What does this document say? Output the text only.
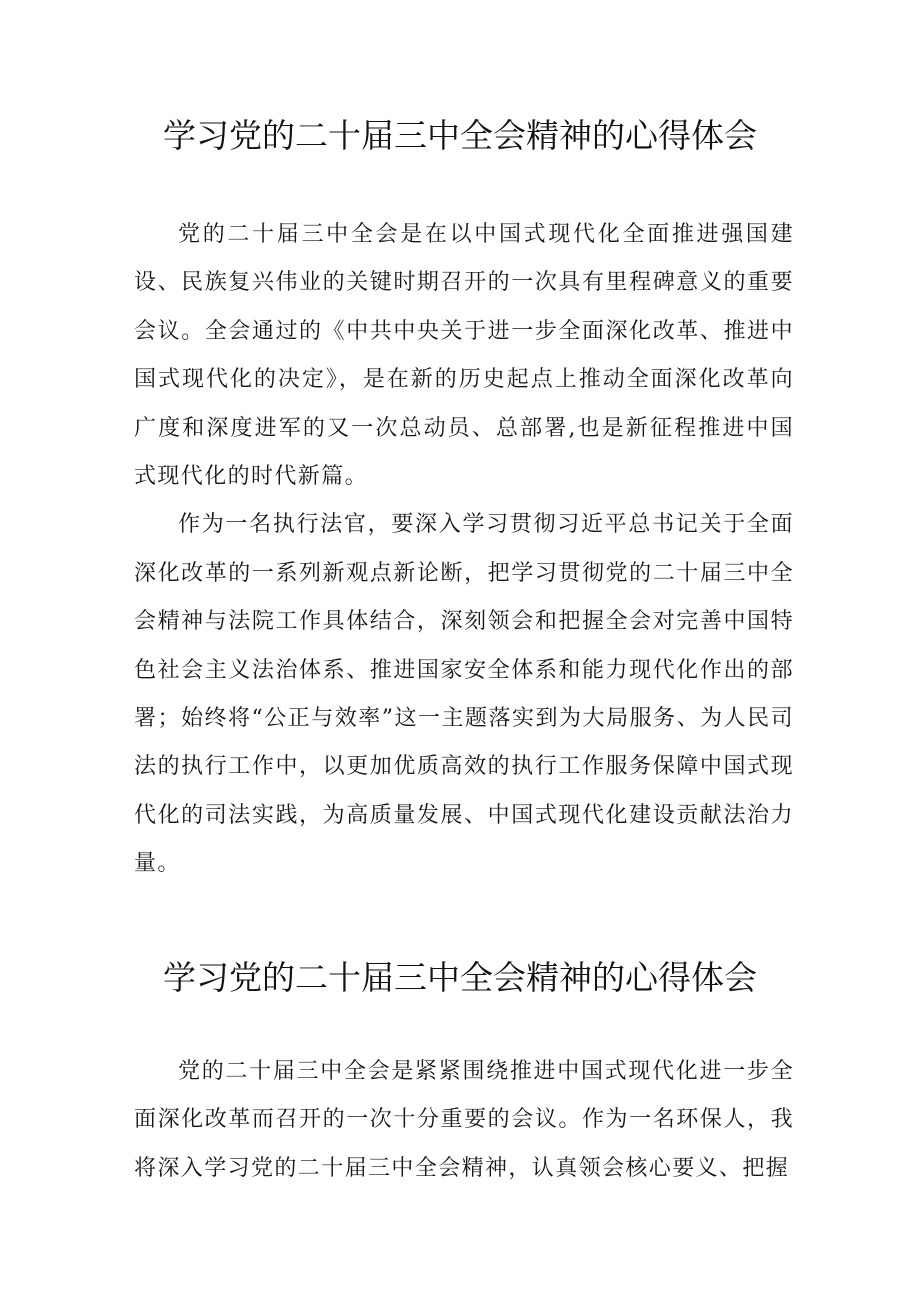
学习党的二十届三中全会精神的心得体会

党的二十届三中全会是在以中国式现代化全面推进强国建设、民族复兴伟业的关键时期召开的一次具有里程碑意义的重要会议。全会通过的《中共中央关于进一步全面深化改革、推进中国式现代化的决定》，是在新的历史起点上推动全面深化改革向广度和深度进军的又一次总动员、总部署,也是新征程推进中国式现代化的时代新篇。

作为一名执行法官，要深入学习贯彻习近平总书记关于全面深化改革的一系列新观点新论断，把学习贯彻党的二十届三中全会精神与法院工作具体结合，深刻领会和把握全会对完善中国特色社会主义法治体系、推进国家安全体系和能力现代化作出的部署；始终将“公正与效率”这一主题落实到为大局服务、为人民司法的执行工作中，以更加优质高效的执行工作服务保障中国式现代化的司法实践，为高质量发展、中国式现代化建设贡献法治力量。

学习党的二十届三中全会精神的心得体会

党的二十届三中全会是紧紧围绕推进中国式现代化进一步全面深化改革而召开的一次十分重要的会议。作为一名环保人，我将深入学习党的二十届三中全会精神，认真领会核心要义、把握
